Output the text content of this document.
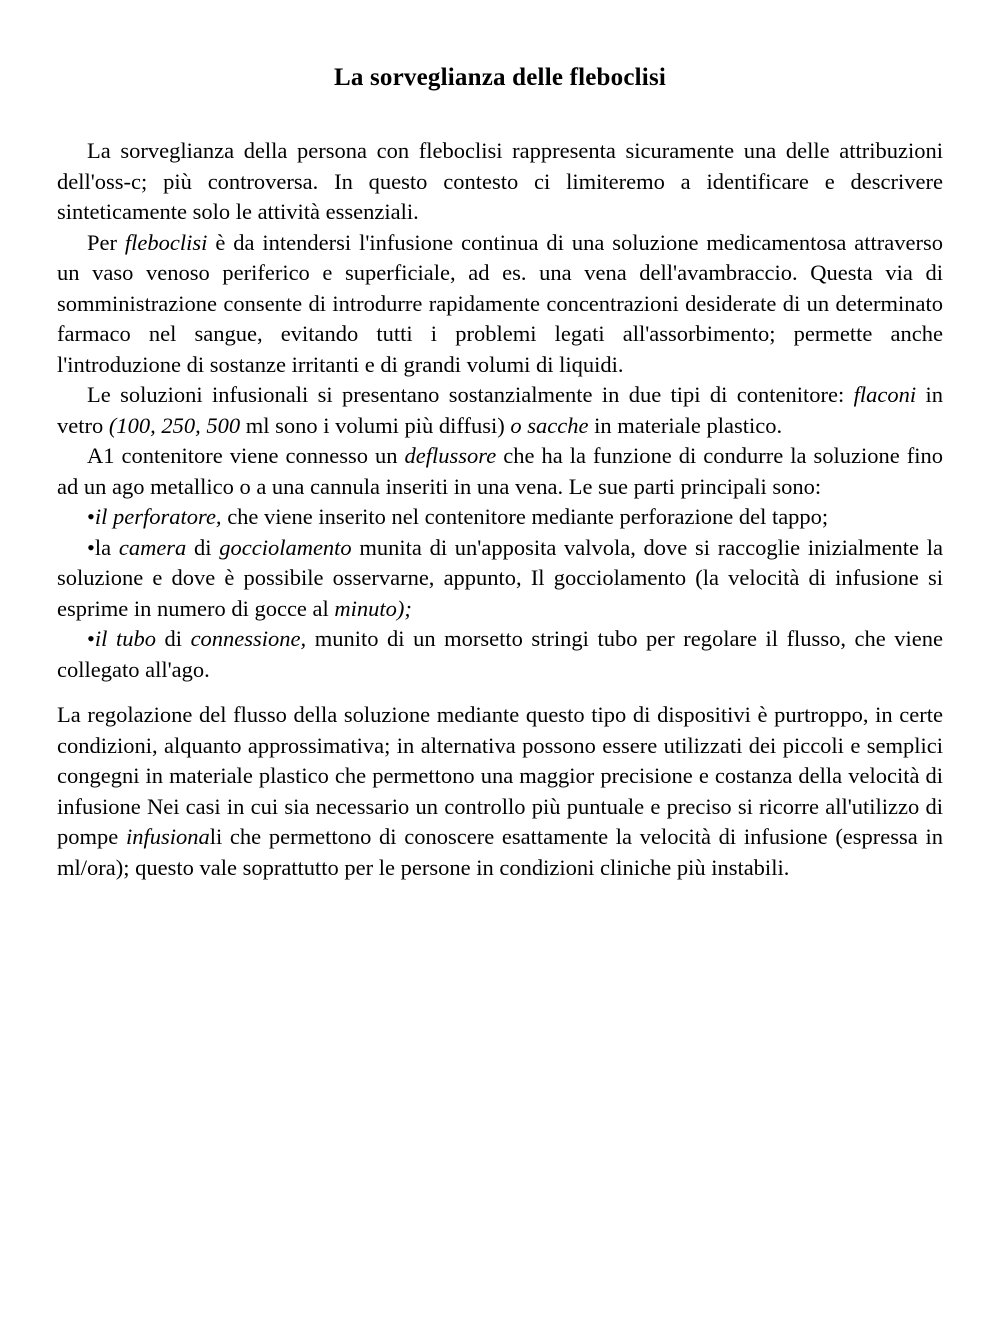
La sorveglianza delle fleboclisi

La sorveglianza della persona con fleboclisi rappresenta sicuramente una delle attribuzioni dell'oss-c; più controversa. In questo contesto ci limiteremo a identificare e descrivere sinteticamente solo le attività essenziali.

Per fleboclisi è da intendersi l'infusione continua di una soluzione medicamentosa attraverso un vaso venoso periferico e superficiale, ad es. una vena dell'avambraccio. Questa via di somministrazione consente di introdurre rapidamente concentrazioni desiderate di un determinato farmaco nel sangue, evitando tutti i problemi legati all'assorbimento; permette anche l'introduzione di sostanze irritanti e di grandi volumi di liquidi.

Le soluzioni infusionali si presentano sostanzialmente in due tipi di contenitore: flaconi in vetro (100, 250, 500 ml sono i volumi più diffusi) o sacche in materiale plastico.

A1 contenitore viene connesso un deflussore che ha la funzione di condurre la soluzione fino ad un ago metallico o a una cannula inseriti in una vena. Le sue parti principali sono:

•il perforatore, che viene inserito nel contenitore mediante perforazione del tappo;

•la camera di gocciolamento munita di un'apposita valvola, dove si raccoglie inizialmente la soluzione e dove è possibile osservarne, appunto, Il gocciolamento (la velocità di infusione si esprime in numero di gocce al minuto);

•il tubo di connessione, munito di un morsetto stringi tubo per regolare il flusso, che viene collegato all'ago.

La regolazione del flusso della soluzione mediante questo tipo di dispositivi è purtroppo, in certe condizioni, alquanto approssimativa; in alternativa possono essere utilizzati dei piccoli e semplici congegni in materiale plastico che permettono una maggior precisione e costanza della velocità di infusione Nei casi in cui sia necessario un controllo più puntuale e preciso si ricorre all'utilizzo di pompe infusionali che permettono di conoscere esattamente la velocità di infusione (espressa in ml/ora); questo vale soprattutto per le persone in condizioni cliniche più instabili.
